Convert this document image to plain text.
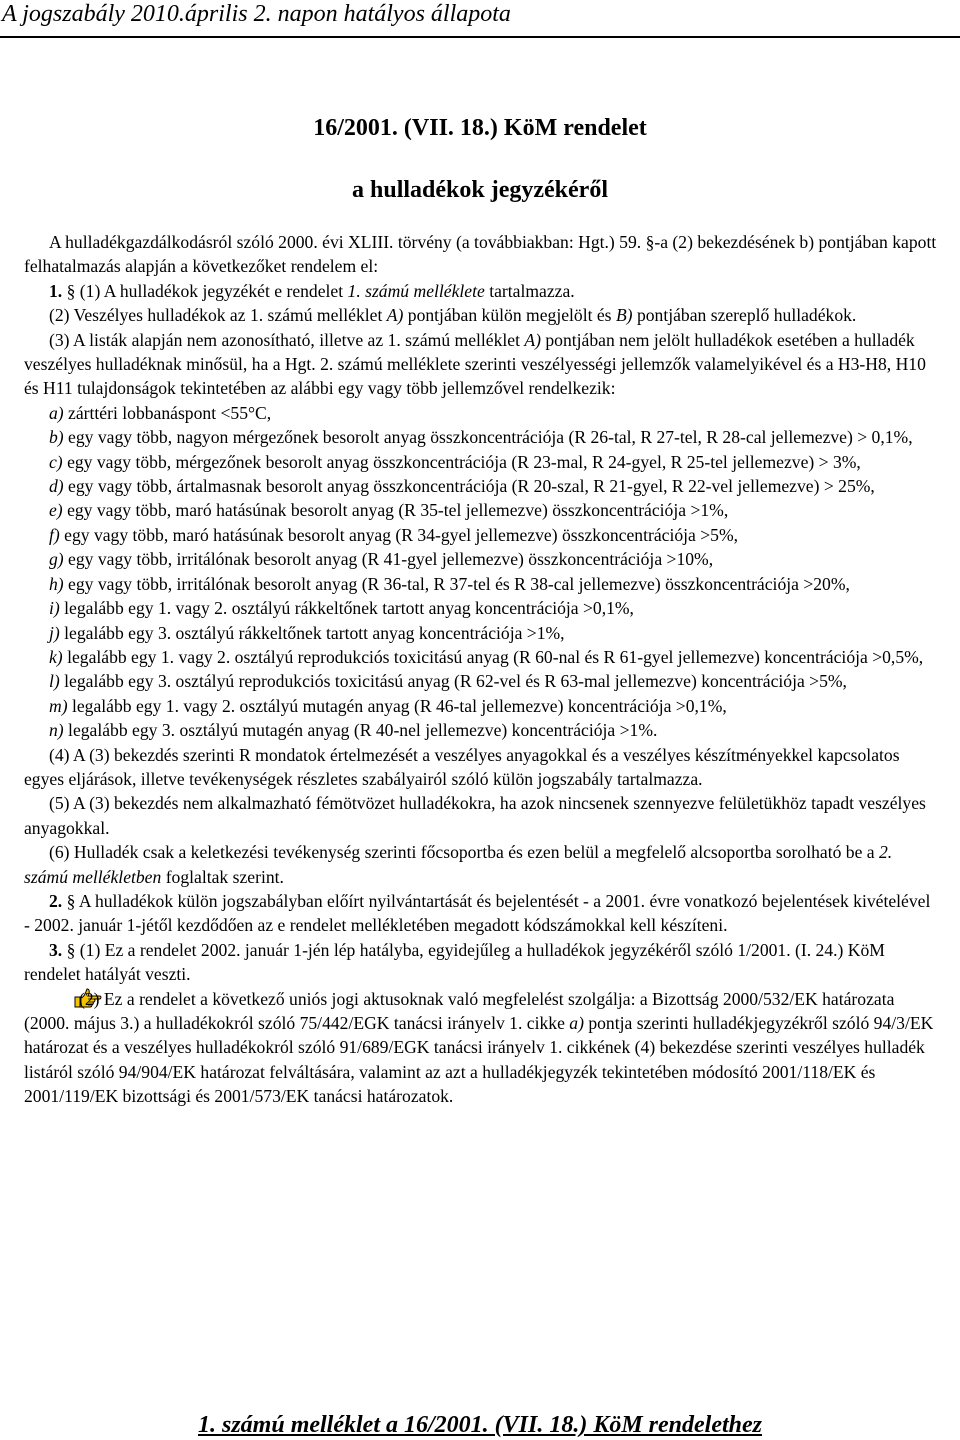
A jogszabály 2010.április 2. napon hatályos állapota
16/2001. (VII. 18.) KöM rendelet
a hulladékok jegyzékéről

A hulladékgazdálkodásról szóló 2000. évi XLIII. törvény (a továbbiakban: Hgt.) 59. §-a (2) bekezdésének b) pontjában kapott felhatalmazás alapján a következőket rendelem el:

1. § (1) A hulladékok jegyzékét e rendelet 1. számú melléklete tartalmazza.

(2) Veszélyes hulladékok az 1. számú melléklet A) pontjában külön megjelölt és B) pontjában szereplő hulladékok.

(3) A listák alapján nem azonosítható, illetve az 1. számú melléklet A) pontjában nem jelölt hulladékok esetében a hulladék veszélyes hulladéknak minősül, ha a Hgt. 2. számú melléklete szerinti veszélyességi jellemzők valamelyikével és a H3-H8, H10 és H11 tulajdonságok tekintetében az alábbi egy vagy több jellemzővel rendelkezik:

a) zárttéri lobbanáspont <55°C,

b) egy vagy több, nagyon mérgezőnek besorolt anyag összkoncentrációja (R 26-tal, R 27-tel, R 28-cal jellemezve) > 0,1%,

c) egy vagy több, mérgezőnek besorolt anyag összkoncentrációja (R 23-mal, R 24-gyel, R 25-tel jellemezve) > 3%,

d) egy vagy több, ártalmasnak besorolt anyag összkoncentrációja (R 20-szal, R 21-gyel, R 22-vel jellemezve) > 25%,

e) egy vagy több, maró hatásúnak besorolt anyag (R 35-tel jellemezve) összkoncentrációja >1%,

f) egy vagy több, maró hatásúnak besorolt anyag (R 34-gyel jellemezve) összkoncentrációja >5%,

g) egy vagy több, irritálónak besorolt anyag (R 41-gyel jellemezve) összkoncentrációja >10%,

h) egy vagy több, irritálónak besorolt anyag (R 36-tal, R 37-tel és R 38-cal jellemezve) összkoncentrációja >20%,

i) legalább egy 1. vagy 2. osztályú rákkeltőnek tartott anyag koncentrációja >0,1%,

j) legalább egy 3. osztályú rákkeltőnek tartott anyag koncentrációja >1%,

k) legalább egy 1. vagy 2. osztályú reprodukciós toxicitású anyag (R 60-nal és R 61-gyel jellemezve) koncentrációja >0,5%,

l) legalább egy 3. osztályú reprodukciós toxicitású anyag (R 62-vel és R 63-mal jellemezve) koncentrációja >5%,

m) legalább egy 1. vagy 2. osztályú mutagén anyag (R 46-tal jellemezve) koncentrációja >0,1%,

n) legalább egy 3. osztályú mutagén anyag (R 40-nel jellemezve) koncentrációja >1%.

(4) A (3) bekezdés szerinti R mondatok értelmezését a veszélyes anyagokkal és a veszélyes készítményekkel kapcsolatos egyes eljárások, illetve tevékenységek részletes szabályairól szóló külön jogszabály tartalmazza.

(5) A (3) bekezdés nem alkalmazható fémötvözet hulladékokra, ha azok nincsenek szennyezve felületükhöz tapadt veszélyes anyagokkal.

(6) Hulladék csak a keletkezési tevékenység szerinti főcsoportba és ezen belül a megfelelő alcsoportba sorolható be a 2. számú mellékletben foglaltak szerint.

2. § A hulladékok külön jogszabályban előírt nyilvántartását és bejelentését - a 2001. évre vonatkozó bejelentések kivételével - 2002. január 1-jétől kezdődően az e rendelet mellékletében megadott kódszámokkal kell készíteni.

3. § (1) Ez a rendelet 2002. január 1-jén lép hatályba, egyidejűleg a hulladékok jegyzékéről szóló 1/2001. (I. 24.) KöM rendelet hatályát veszti.

(2) Ez a rendelet a következő uniós jogi aktusoknak való megfelelést szolgálja: a Bizottság 2000/532/EK határozata (2000. május 3.) a hulladékokról szóló 75/442/EGK tanácsi irányelv 1. cikke a) pontja szerinti hulladékjegyzékről szóló 94/3/EK határozat és a veszélyes hulladékokról szóló 91/689/EGK tanácsi irányelv 1. cikkének (4) bekezdése szerinti veszélyes hulladék listáról szóló 94/904/EK határozat felváltására, valamint az azt a hulladékjegyzék tekintetében módosító 2001/118/EK és 2001/119/EK bizottsági és 2001/573/EK tanácsi határozatok.

1. számú melléklet a 16/2001. (VII. 18.) KöM rendelethez
